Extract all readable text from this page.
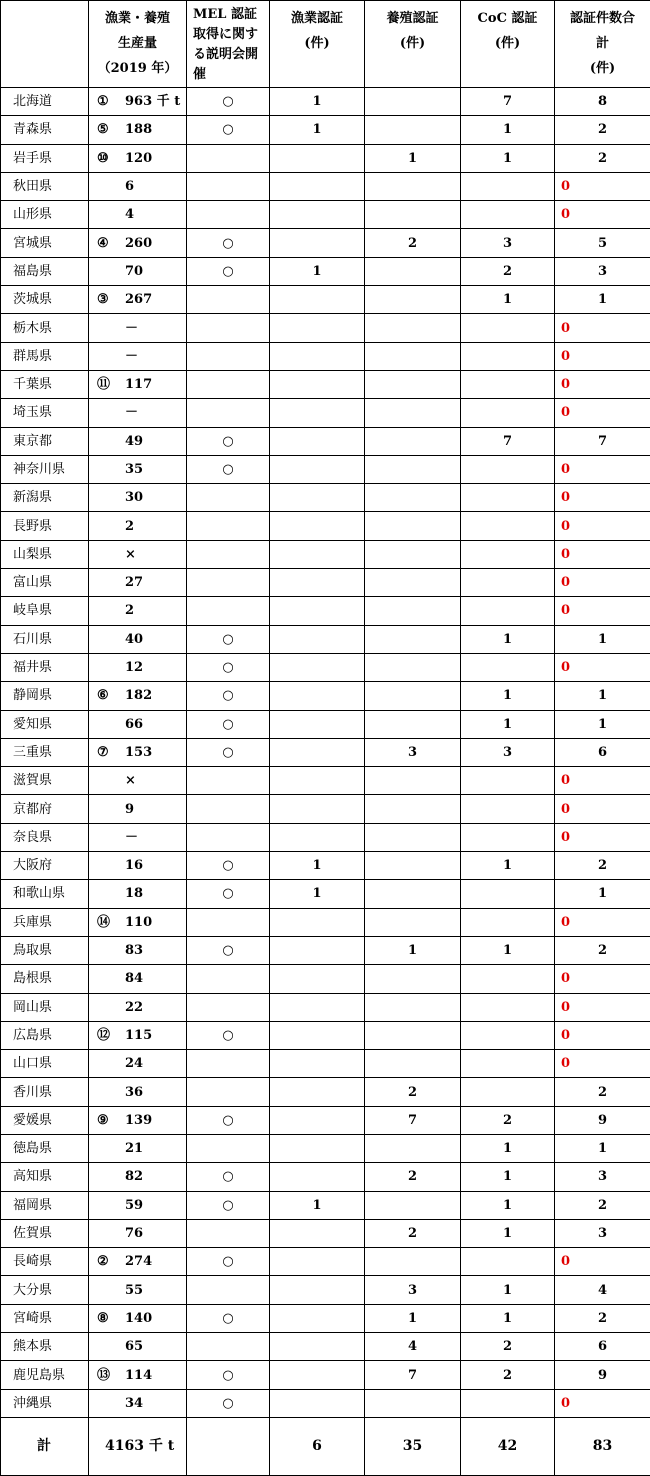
	漁業・養殖
生産量
（2019 年）	MEL 認証
取得に関す
る説明会開
催	漁業認証
(件)	養殖認証
(件)	CoC 認証
(件)	認証件数合
計
(件)

北海道	① 963 千 t	○	1		7	8
青森県	⑤ 188	○	1		1	2
岩手県	⑩ 120			1	1	2
秋田県	6					0
山形県	4					0
宮城県	④ 260	○		2	3	5
福島県	70	○	1		2	3
茨城県	③ 267				1	1
栃木県	－					0
群馬県	－					0
千葉県	⑪ 117					0
埼玉県	－					0
東京都	49	○			7	7
神奈川県	35	○				0
新潟県	30					0
長野県	2					0
山梨県	×					0
富山県	27					0
岐阜県	2					0
石川県	40	○			1	1
福井県	12	○				0
静岡県	⑥ 182	○			1	1
愛知県	66	○			1	1
三重県	⑦ 153	○		3	3	6
滋賀県	×					0
京都府	9					0
奈良県	－					0
大阪府	16	○	1		1	2
和歌山県	18	○	1			1
兵庫県	⑭ 110					0
鳥取県	83	○		1	1	2
島根県	84					0
岡山県	22					0
広島県	⑫ 115	○				0
山口県	24					0
香川県	36			2		2
愛媛県	⑨ 139	○		7	2	9
徳島県	21				1	1
高知県	82	○		2	1	3
福岡県	59	○	1		1	2
佐賀県	76			2	1	3
長崎県	② 274	○				0
大分県	55			3	1	4
宮崎県	⑧ 140	○		1	1	2
熊本県	65			4	2	6
鹿児島県	⑬ 114	○		7	2	9
沖縄県	34	○				0
計	4163 千 t		6	35	42	83
